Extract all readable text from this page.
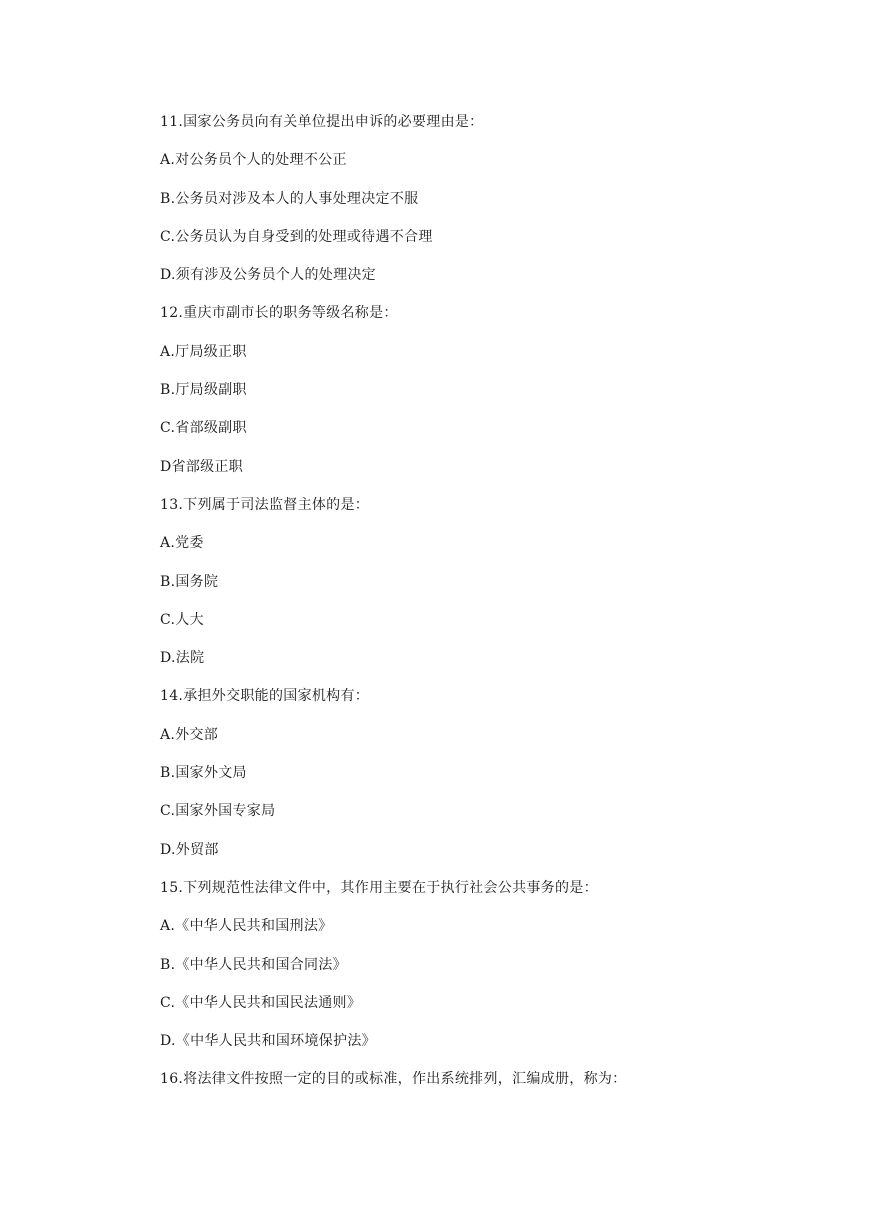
11.国家公务员向有关单位提出申诉的必要理由是：
A.对公务员个人的处理不公正
B.公务员对涉及本人的人事处理决定不服
C.公务员认为自身受到的处理或待遇不合理
D.须有涉及公务员个人的处理决定
12.重庆市副市长的职务等级名称是：
A.厅局级正职
B.厅局级副职
C.省部级副职
D省部级正职
13.下列属于司法监督主体的是：
A.党委
B.国务院
C.人大
D.法院
14.承担外交职能的国家机构有：
A.外交部
B.国家外文局
C.国家外国专家局
D.外贸部
15.下列规范性法律文件中，其作用主要在于执行社会公共事务的是：
A.《中华人民共和国刑法》
B.《中华人民共和国合同法》
C.《中华人民共和国民法通则》
D.《中华人民共和国环境保护法》
16.将法律文件按照一定的目的或标准，作出系统排列，汇编成册，称为：
